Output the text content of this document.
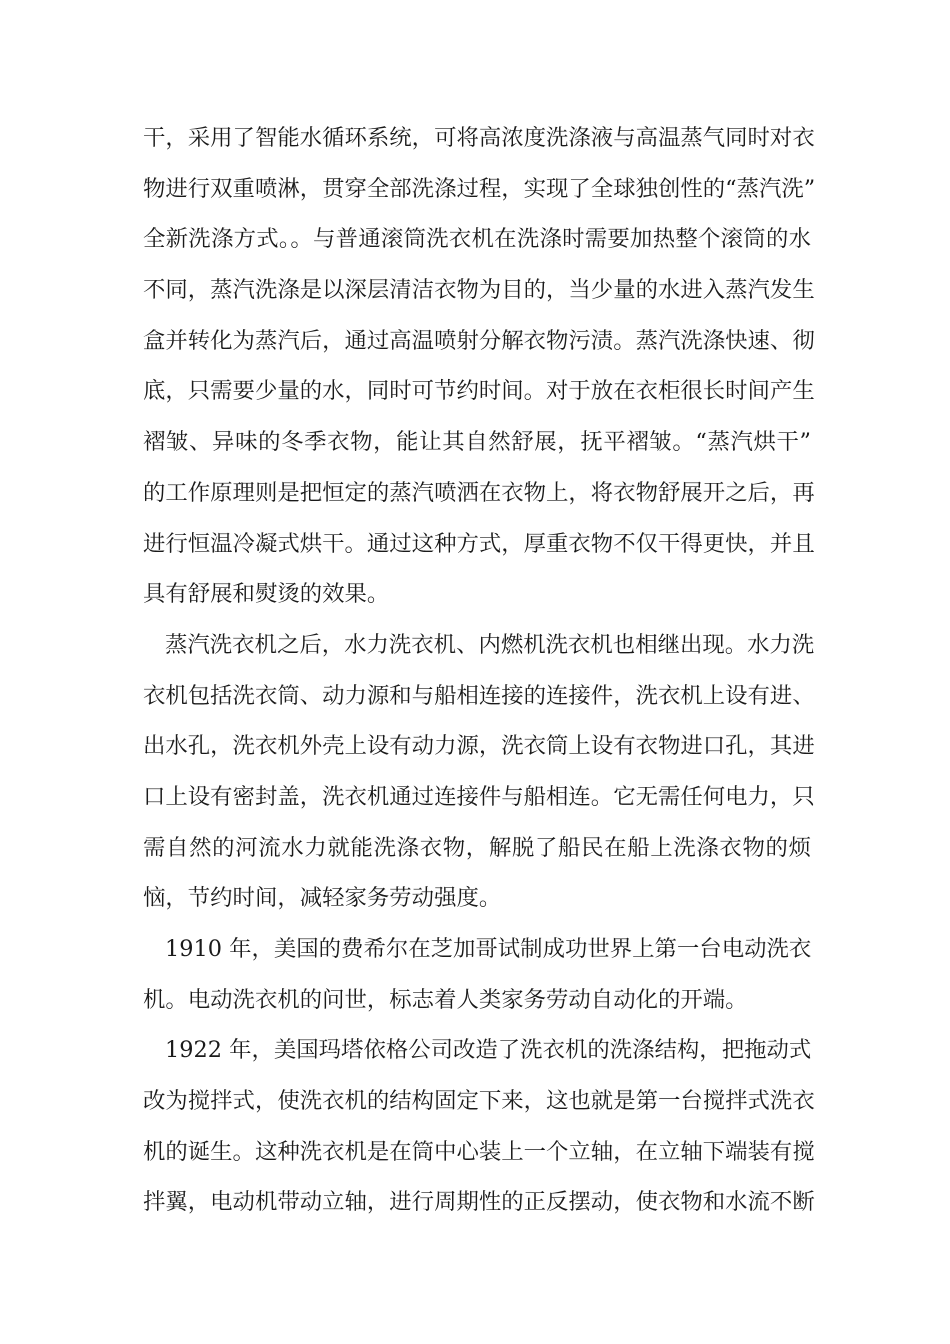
干，采用了智能水循环系统，可将高浓度洗涤液与高温蒸气同时对衣
物进行双重喷淋，贯穿全部洗涤过程，实现了全球独创性的“蒸汽洗”
全新洗涤方式。。与普通滚筒洗衣机在洗涤时需要加热整个滚筒的水
不同，蒸汽洗涤是以深层清洁衣物为目的，当少量的水进入蒸汽发生
盒并转化为蒸汽后，通过高温喷射分解衣物污渍。蒸汽洗涤快速、彻
底，只需要少量的水，同时可节约时间。对于放在衣柜很长时间产生
褶皱、异味的冬季衣物，能让其自然舒展，抚平褶皱。“蒸汽烘干”
的工作原理则是把恒定的蒸汽喷洒在衣物上，将衣物舒展开之后，再
进行恒温冷凝式烘干。通过这种方式，厚重衣物不仅干得更快，并且
具有舒展和熨烫的效果。
蒸汽洗衣机之后，水力洗衣机、内燃机洗衣机也相继出现。水力洗
衣机包括洗衣筒、动力源和与船相连接的连接件，洗衣机上设有进、
出水孔，洗衣机外壳上设有动力源，洗衣筒上设有衣物进口孔，其进
口上设有密封盖，洗衣机通过连接件与船相连。它无需任何电力，只
需自然的河流水力就能洗涤衣物，解脱了船民在船上洗涤衣物的烦
恼，节约时间，减轻家务劳动强度。
1910 年，美国的费希尔在芝加哥试制成功世界上第一台电动洗衣
机。电动洗衣机的问世，标志着人类家务劳动自动化的开端。
1922 年，美国玛塔依格公司改造了洗衣机的洗涤结构，把拖动式
改为搅拌式，使洗衣机的结构固定下来，这也就是第一台搅拌式洗衣
机的诞生。这种洗衣机是在筒中心装上一个立轴，在立轴下端装有搅
拌翼，电动机带动立轴，进行周期性的正反摆动，使衣物和水流不断
